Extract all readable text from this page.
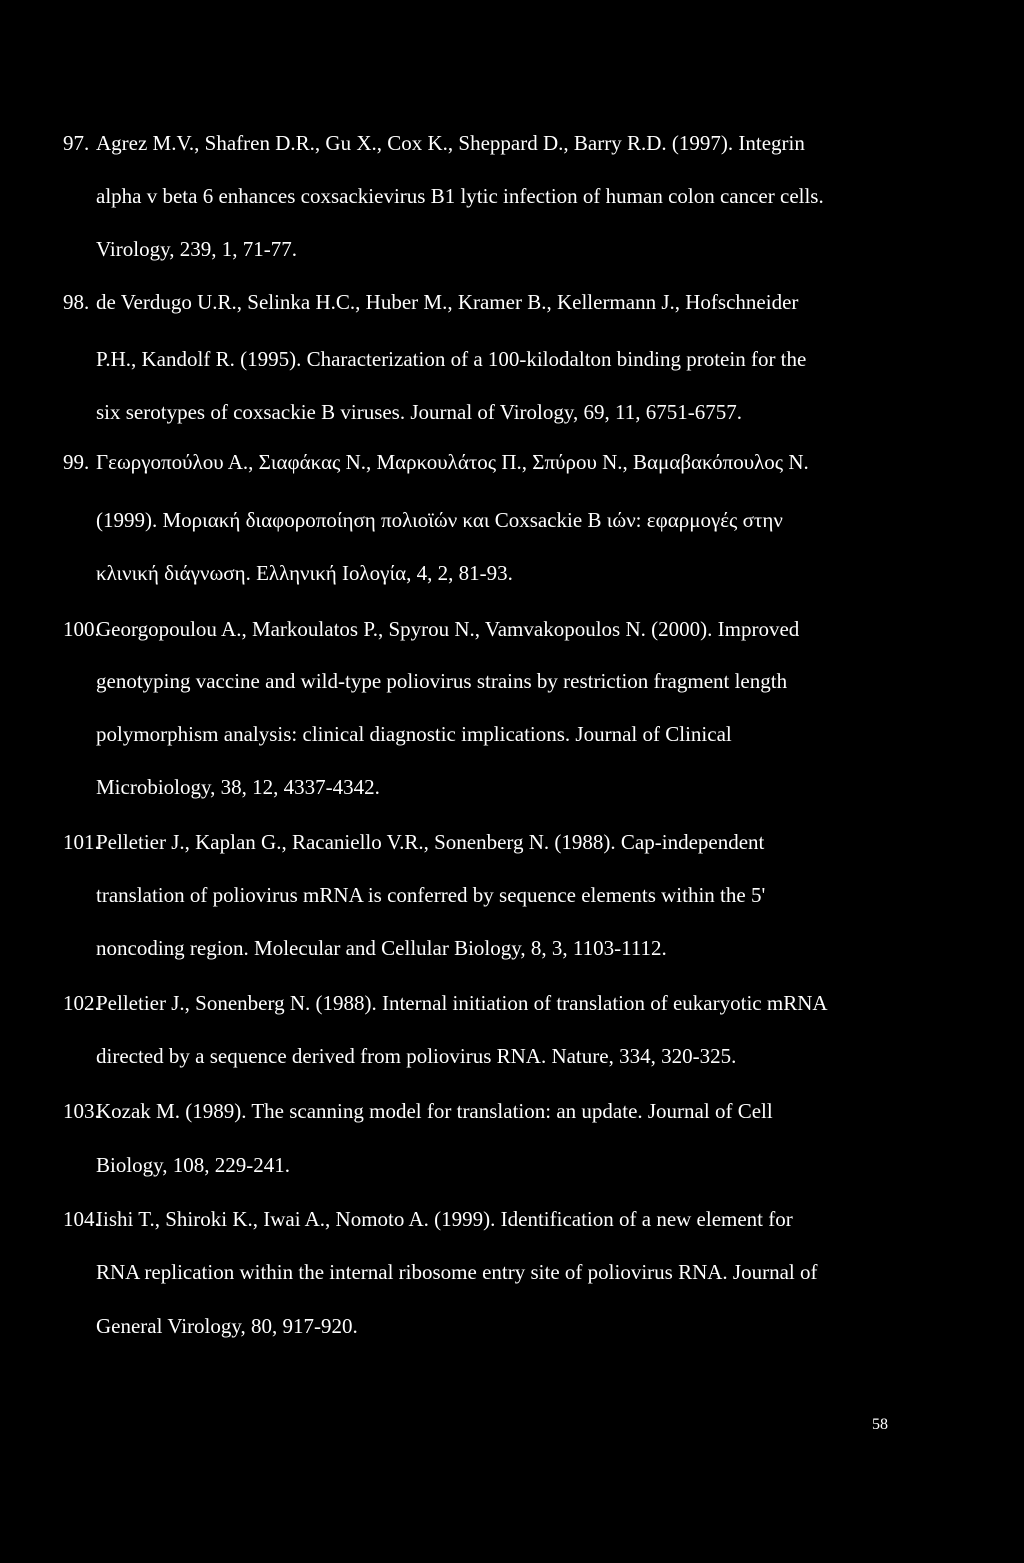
97. Agrez M.V., Shafren D.R., Gu X., Cox K., Sheppard D., Barry R.D. (1997). Integrin
alpha v beta 6 enhances coxsackievirus B1 lytic infection of human colon cancer cells.
Virology, 239, 1, 71-77.
98. de Verdugo U.R., Selinka H.C., Huber M., Kramer B., Kellermann J., Hofschneider
P.H., Kandolf R. (1995). Characterization of a 100-kilodalton binding protein for the
six serotypes of coxsackie B viruses. Journal of Virology, 69, 11, 6751-6757.
99. Γεωργοπούλου Α., Σιαφάκας Ν., Μαρκουλάτος Π., Σπύρου Ν., Βαμαβακόπουλος Ν.
(1999). Μοριακή διαφοροποίηση πολιοϊών και Coxsackie B ιών: εφαρμογές στην
κλινική διάγνωση. Ελληνική Ιολογία, 4, 2, 81-93.
100.
Georgopoulou A., Markoulatos P., Spyrou N., Vamvakopoulos N. (2000). Improved
genotyping vaccine and wild-type poliovirus strains by restriction fragment length
polymorphism analysis: clinical diagnostic implications. Journal of Clinical
Microbiology, 38, 12, 4337-4342.
101.
Pelletier J., Kaplan G., Racaniello V.R., Sonenberg N. (1988). Cap-independent
translation of poliovirus mRNA is conferred by sequence elements within the 5'
noncoding region. Molecular and Cellular Biology, 8, 3, 1103-1112.
102.
Pelletier J., Sonenberg N. (1988). Internal initiation of translation of eukaryotic mRNA
directed by a sequence derived from poliovirus RNA. Nature, 334, 320-325.
103.
Kozak M. (1989). The scanning model for translation: an update. Journal of Cell
Biology, 108, 229-241.
104.
Iishi T., Shiroki K., Iwai A., Nomoto A. (1999). Identification of a new element for
RNA replication within the internal ribosome entry site of poliovirus RNA. Journal of
General Virology, 80, 917-920.
58
